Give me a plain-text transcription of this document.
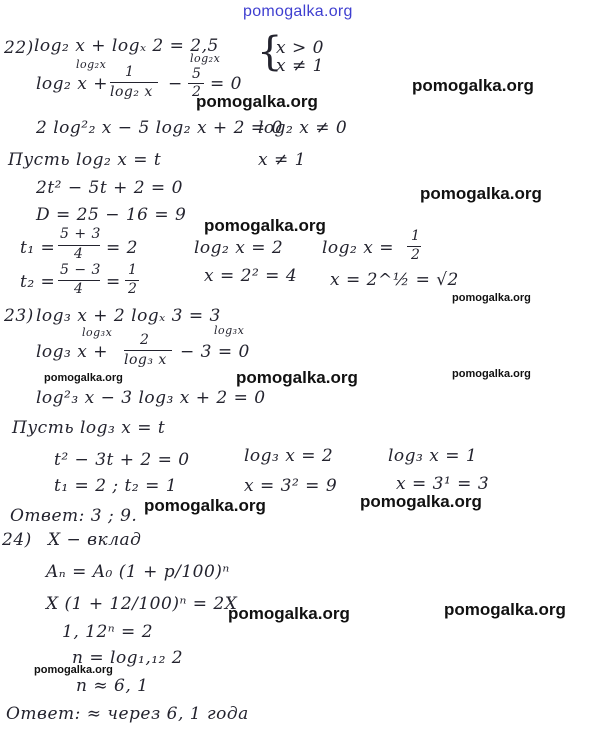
pomogalka.org
22) log₂ x + logₓ 2 = 2,5 {
x > 0
x ≠ 1
log₂x	log₂x
log₂ x +
1
log₂ x − 5
2 = 0
2 log²₂ x − 5 log₂ x + 2 = 0
log₂ x ≠ 0
Пусть log₂ x = t	x ≠ 1
2t² − 5t + 2 = 0
D = 25 − 16 = 9
t₁ =
5 + 3
4 = 2
t₂ =
5 − 3
4 =
1
2
log₂ x = 2
x = 2² = 4
log₂ x =
1
2
x = 2^½ = √2
23) log₃ x + 2 logₓ 3 = 3
log₃x	log₃x
log₃ x +
2
log₃ x − 3 = 0
log²₃ x − 3 log₃ x + 2 = 0
Пусть log₃ x = t
t² − 3t + 2 = 0
t₁ = 2 ; t₂ = 1
log₃ x = 2
x = 3² = 9
log₃ x = 1
x = 3¹ = 3
Ответ: 3 ; 9.
24) X − вклад
Aₙ = A₀ (1 + p/100)ⁿ
X (1 + 12/100)ⁿ = 2X
1, 12ⁿ = 2
n = log₁,₁₂ 2
n ≈ 6, 1
Ответ: ≈ через 6, 1 года
pomogalka.org
pomogalka.org
pomogalka.org
pomogalka.org
pomogalka.org
pomogalka.org	pomogalka.org	pomogalka.org
pomogalka.org	pomogalka.org
pomogalka.org	pomogalka.org
pomogalka.org
